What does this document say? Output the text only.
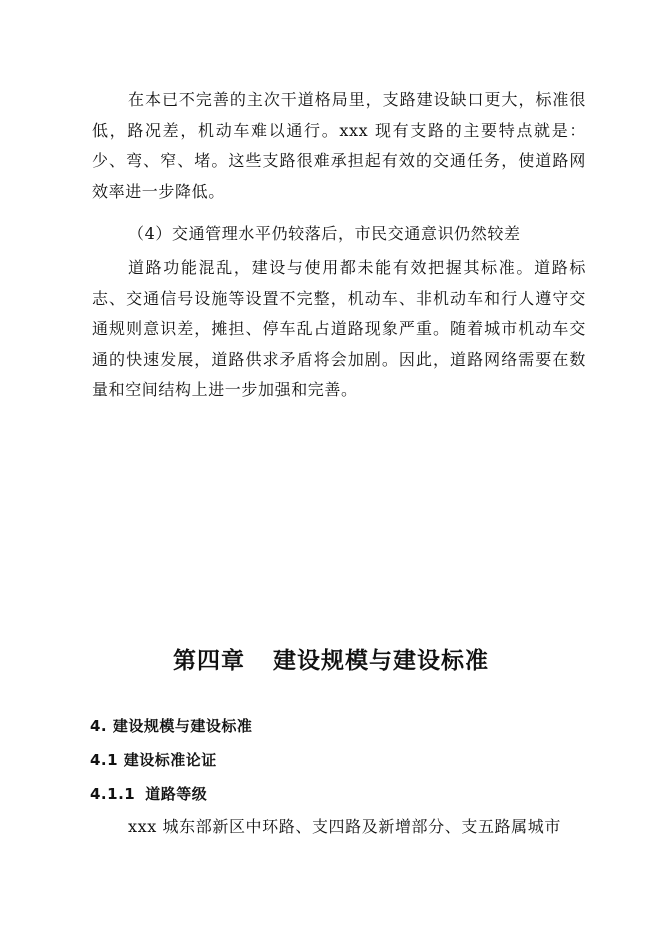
在本已不完善的主次干道格局里，支路建设缺口更大，标准很低，路况差，机动车难以通行。xxx 现有支路的主要特点就是：少、弯、窄、堵。这些支路很难承担起有效的交通任务，使道路网效率进一步降低。

（4）交通管理水平仍较落后，市民交通意识仍然较差

道路功能混乱，建设与使用都未能有效把握其标准。道路标志、交通信号设施等设置不完整，机动车、非机动车和行人遵守交通规则意识差，摊担、停车乱占道路现象严重。随着城市机动车交通的快速发展，道路供求矛盾将会加剧。因此，道路网络需要在数量和空间结构上进一步加强和完善。

第四章 建设规模与建设标准
4. 建设规模与建设标准
4.1 建设标准论证
4.1.1 道路等级

xxx 城东部新区中环路、支四路及新增部分、支五路属城市
